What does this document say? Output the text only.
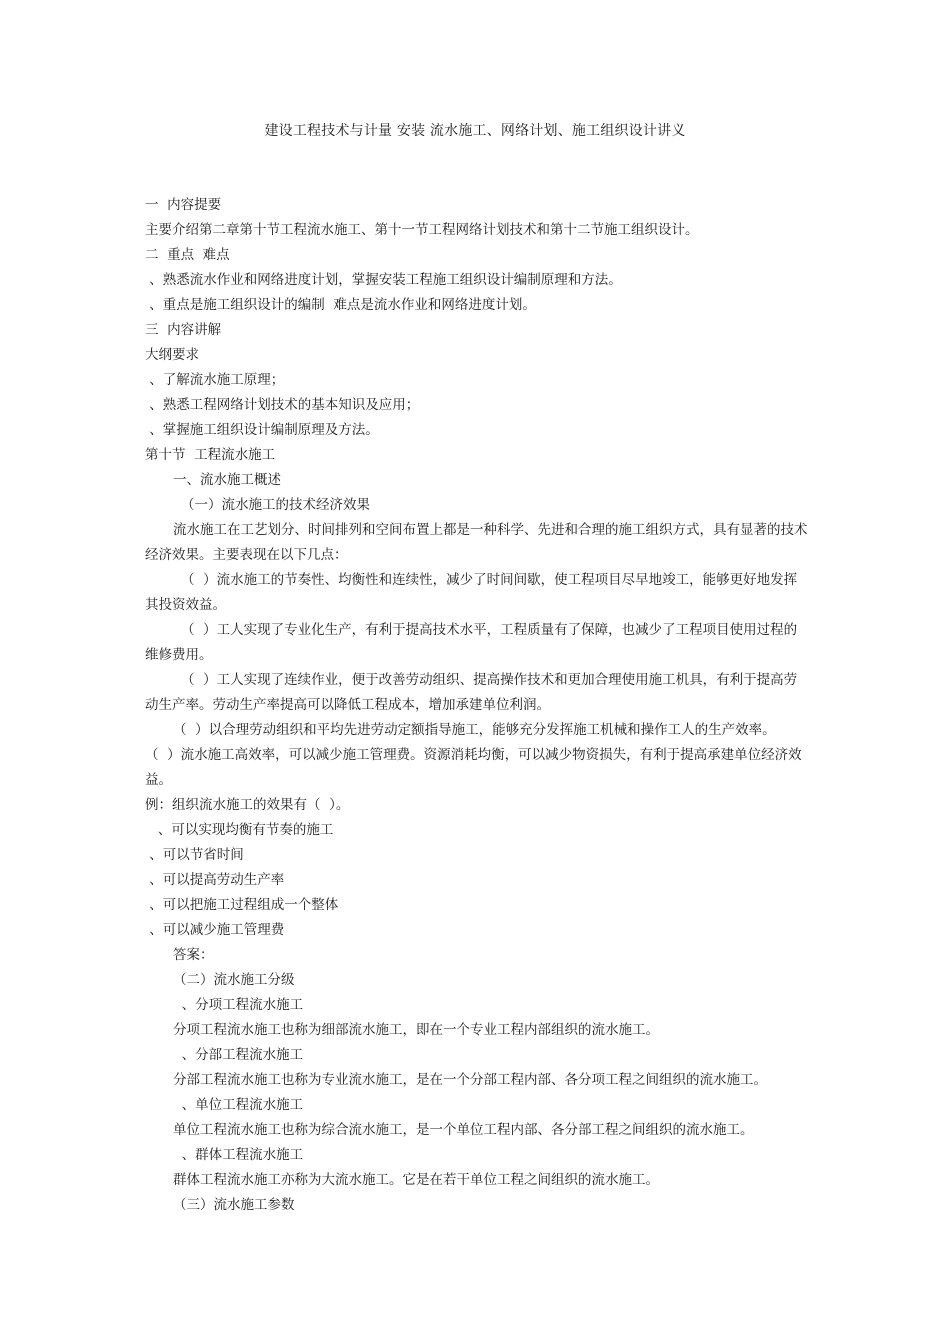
建设工程技术与计量 安装 流水施工、网络计划、施工组织设计讲义

一  内容提要

主要介绍第二章第十节工程流水施工、第十一节工程网络计划技术和第十二节施工组织设计。

二  重点  难点

、熟悉流水作业和网络进度计划，掌握安装工程施工组织设计编制原理和方法。

、重点是施工组织设计的编制  难点是流水作业和网络进度计划。

三  内容讲解

大纲要求

、了解流水施工原理；

、熟悉工程网络计划技术的基本知识及应用；

、掌握施工组织设计编制原理及方法。

第十节  工程流水施工

一、流水施工概述

（一）流水施工的技术经济效果

流水施工在工艺划分、时间排列和空间布置上都是一种科学、先进和合理的施工组织方式，具有显著的技术经济效果。主要表现在以下几点：

（  ）流水施工的节奏性、均衡性和连续性，减少了时间间歇，使工程项目尽早地竣工，能够更好地发挥其投资效益。

（  ）工人实现了专业化生产，有利于提高技术水平，工程质量有了保障，也减少了工程项目使用过程的维修费用。

（  ）工人实现了连续作业，便于改善劳动组织、提高操作技术和更加合理使用施工机具，有利于提高劳动生产率。劳动生产率提高可以降低工程成本，增加承建单位利润。

（  ）以合理劳动组织和平均先进劳动定额指导施工，能够充分发挥施工机械和操作工人的生产效率。

（  ）流水施工高效率，可以减少施工管理费。资源消耗均衡，可以减少物资损失，有利于提高承建单位经济效益。

例：组织流水施工的效果有（  ）。

、可以实现均衡有节奏的施工

、可以节省时间

、可以提高劳动生产率

、可以把施工过程组成一个整体

、可以减少施工管理费

答案：

（二）流水施工分级

、分项工程流水施工

分项工程流水施工也称为细部流水施工，即在一个专业工程内部组织的流水施工。

、分部工程流水施工

分部工程流水施工也称为专业流水施工，是在一个分部工程内部、各分项工程之间组织的流水施工。

、单位工程流水施工

单位工程流水施工也称为综合流水施工，是一个单位工程内部、各分部工程之间组织的流水施工。

、群体工程流水施工

群体工程流水施工亦称为大流水施工。它是在若干单位工程之间组织的流水施工。

（三）流水施工参数
